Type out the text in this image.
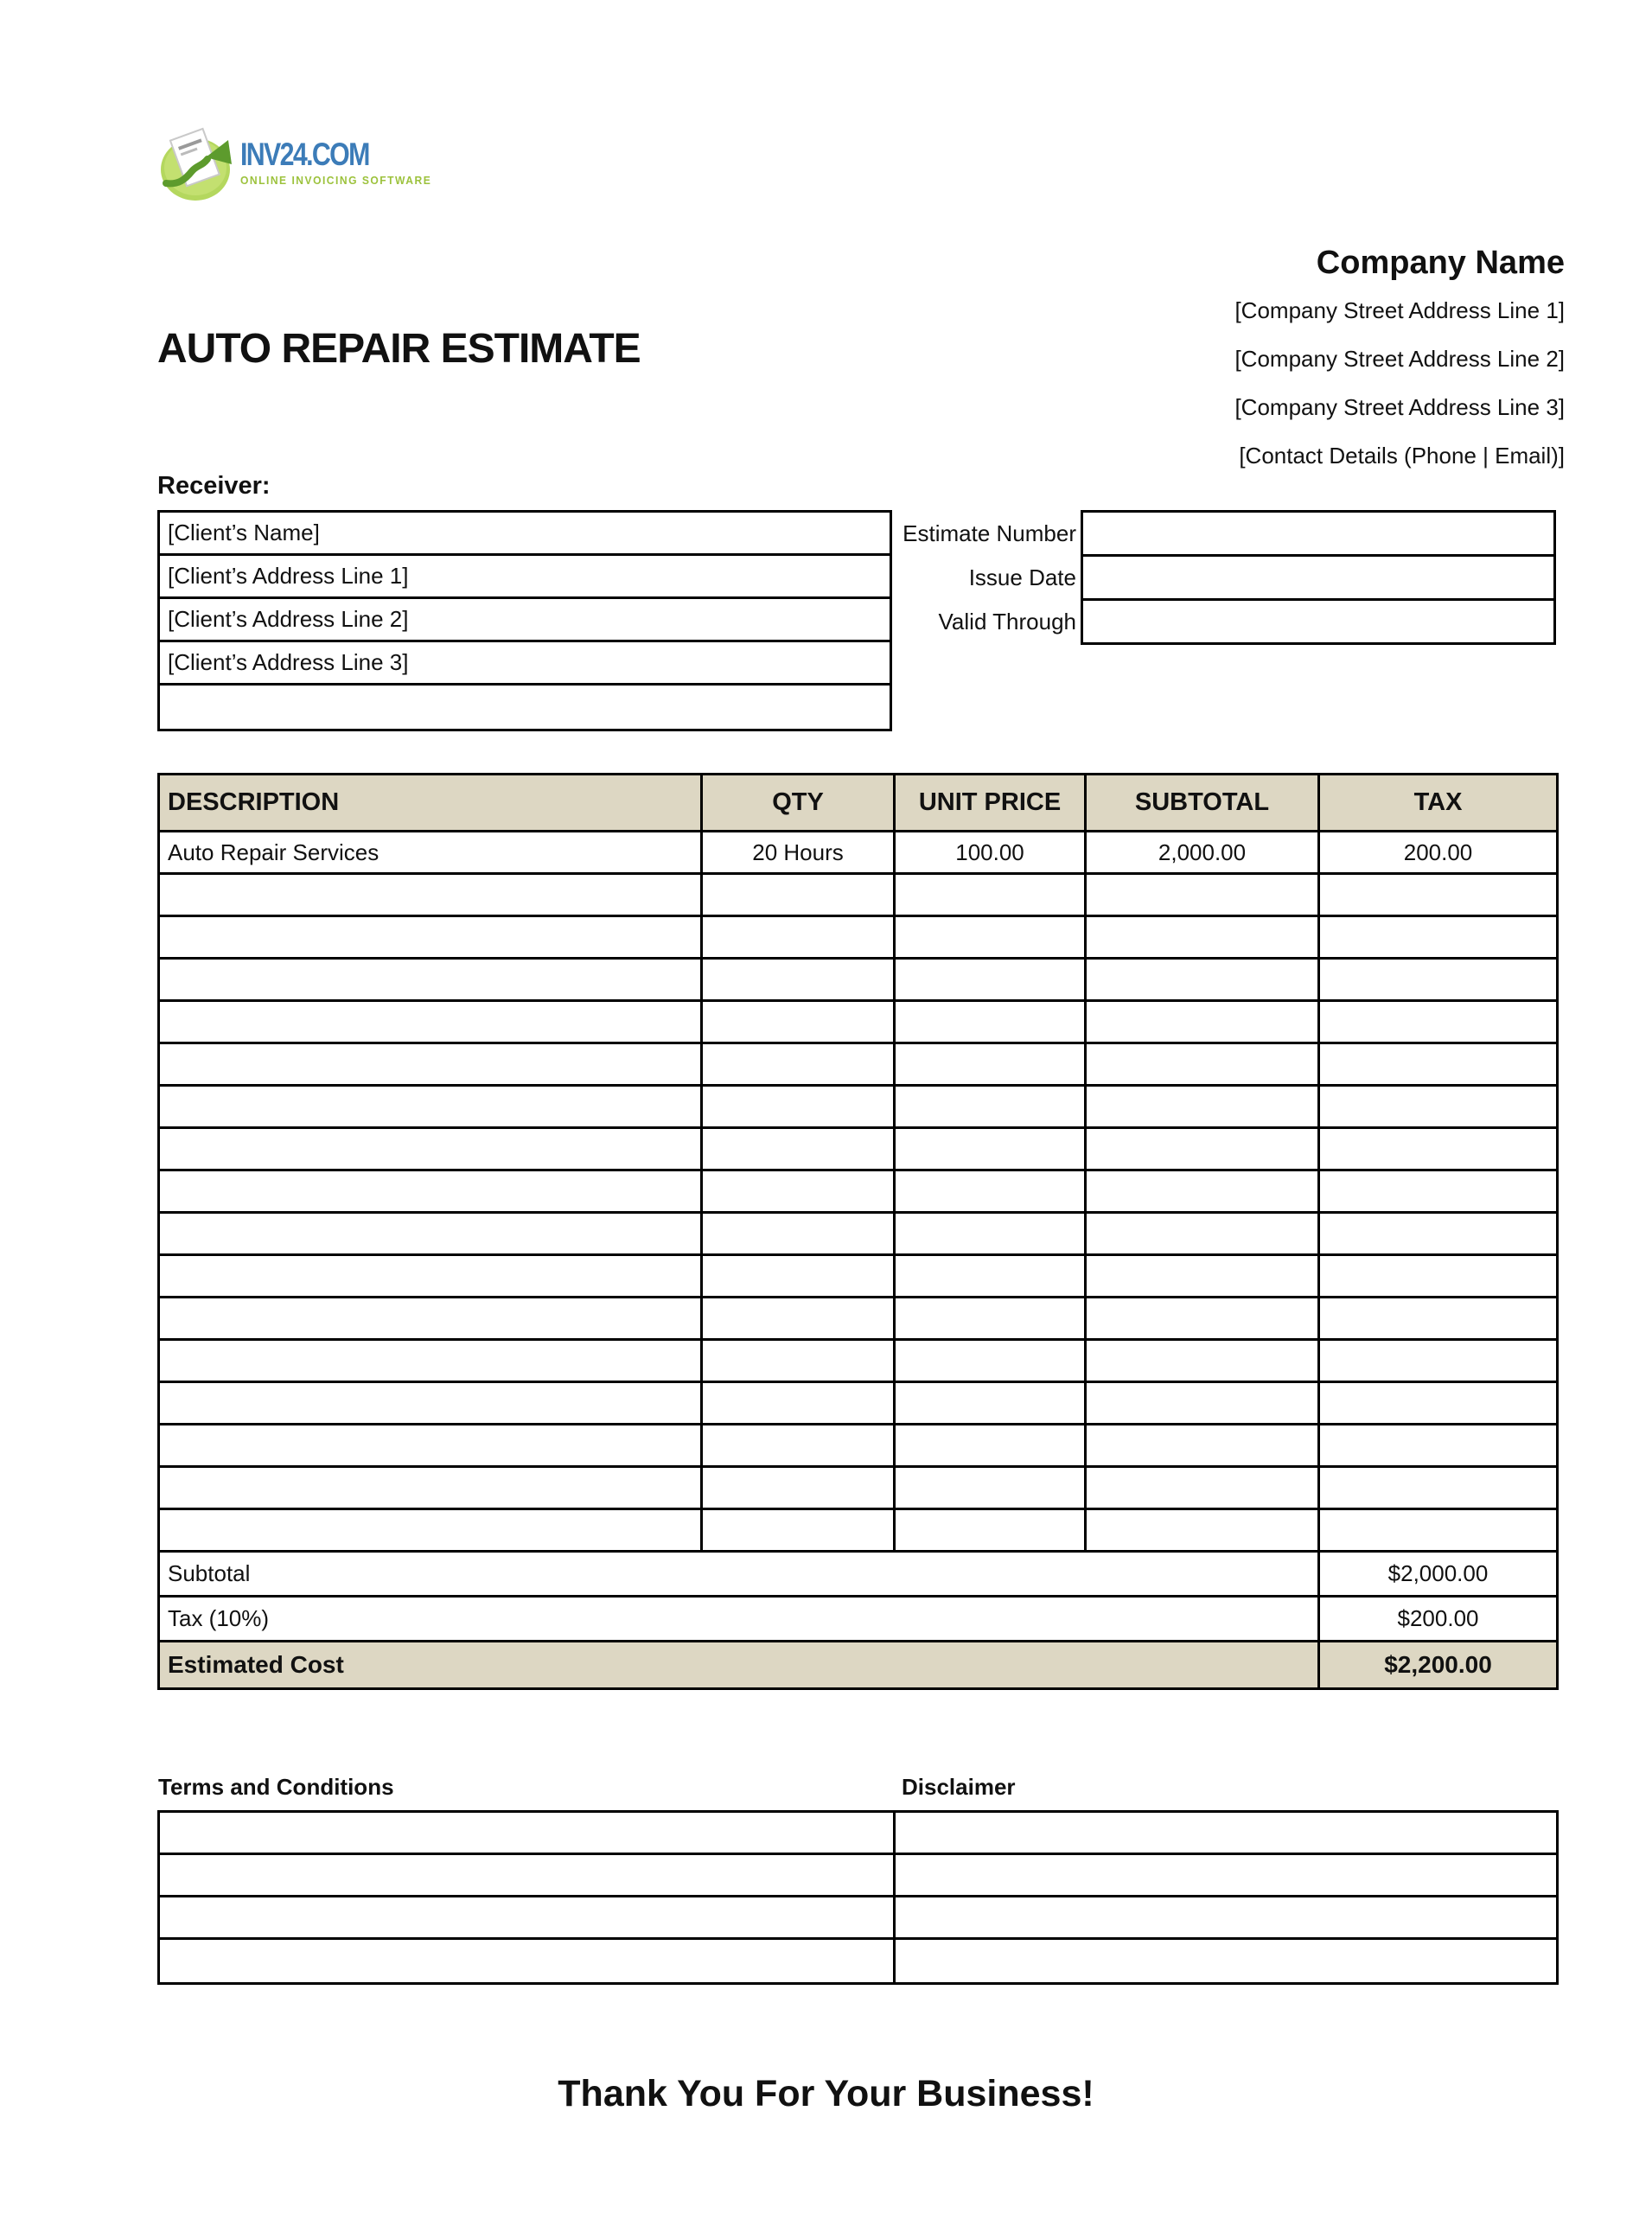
INV24.COM
ONLINE INVOICING SOFTWARE
Company Name
[Company Street Address Line 1]
[Company Street Address Line 2]
[Company Street Address Line 3]
[Contact Details (Phone | Email)]
AUTO REPAIR ESTIMATE
Receiver:
[Client’s Name]
[Client’s Address Line 1]
[Client’s Address Line 2]
[Client’s Address Line 3]
Estimate Number
Issue Date
Valid Through
DESCRIPTION	QTY	UNIT PRICE	SUBTOTAL	TAX
Auto Repair Services	20 Hours	100.00	2,000.00	200.00
Subtotal	$2,000.00
Tax (10%)	$200.00
Estimated Cost	$2,200.00
Terms and Conditions	Disclaimer
Thank You For Your Business!
